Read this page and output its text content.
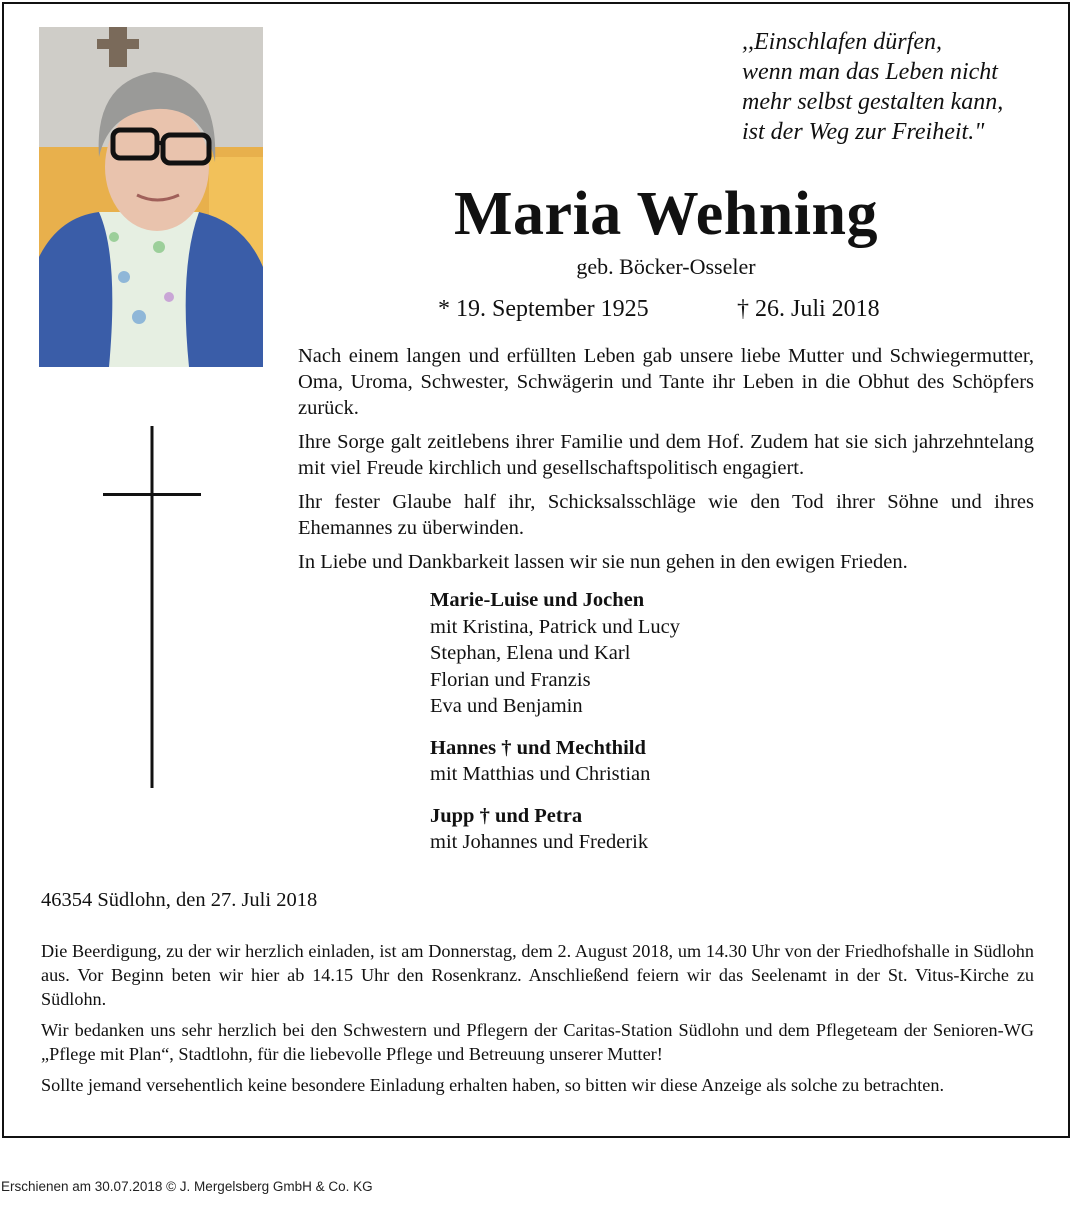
,,Einschlafen dürfen,
wenn man das Leben nicht
mehr selbst gestalten kann,
ist der Weg zur Freiheit."
Maria Wehning
geb. Böcker-Osseler
* 19. September 1925	† 26. Juli 2018

Nach einem langen und erfüllten Leben gab unsere liebe Mutter und Schwiegermutter, Oma, Uroma, Schwester, Schwägerin und Tante ihr Leben in die Obhut des Schöpfers zurück.

Ihre Sorge galt zeitlebens ihrer Familie und dem Hof. Zudem hat sie sich jahrzehntelang mit viel Freude kirchlich und gesellschaftspolitisch engagiert.

Ihr fester Glaube half ihr, Schicksalsschläge wie den Tod ihrer Söhne und ihres Ehemannes zu überwinden.

In Liebe und Dankbarkeit lassen wir sie nun gehen in den ewigen Frieden.

Marie-Luise und Jochen
mit Kristina, Patrick und Lucy
Stephan, Elena und Karl
Florian und Franzis
Eva und Benjamin
Hannes † und Mechthild
mit Matthias und Christian
Jupp † und Petra
mit Johannes und Frederik
46354 Südlohn, den 27. Juli 2018

Die Beerdigung, zu der wir herzlich einladen, ist am Donnerstag, dem 2. August 2018, um 14.30 Uhr von der Friedhofshalle in Südlohn aus. Vor Beginn beten wir hier ab 14.15 Uhr den Rosenkranz. Anschließend feiern wir das Seelenamt in der St. Vitus-Kirche zu Südlohn.

Wir bedanken uns sehr herzlich bei den Schwestern und Pflegern der Caritas-Station Südlohn und dem Pflegeteam der Senioren-WG „Pflege mit Plan“, Stadtlohn, für die liebevolle Pflege und Betreuung unserer Mutter!

Sollte jemand versehentlich keine besondere Einladung erhalten haben, so bitten wir diese Anzeige als solche zu betrachten.

Erschienen am 30.07.2018 © J. Mergelsberg GmbH & Co. KG
